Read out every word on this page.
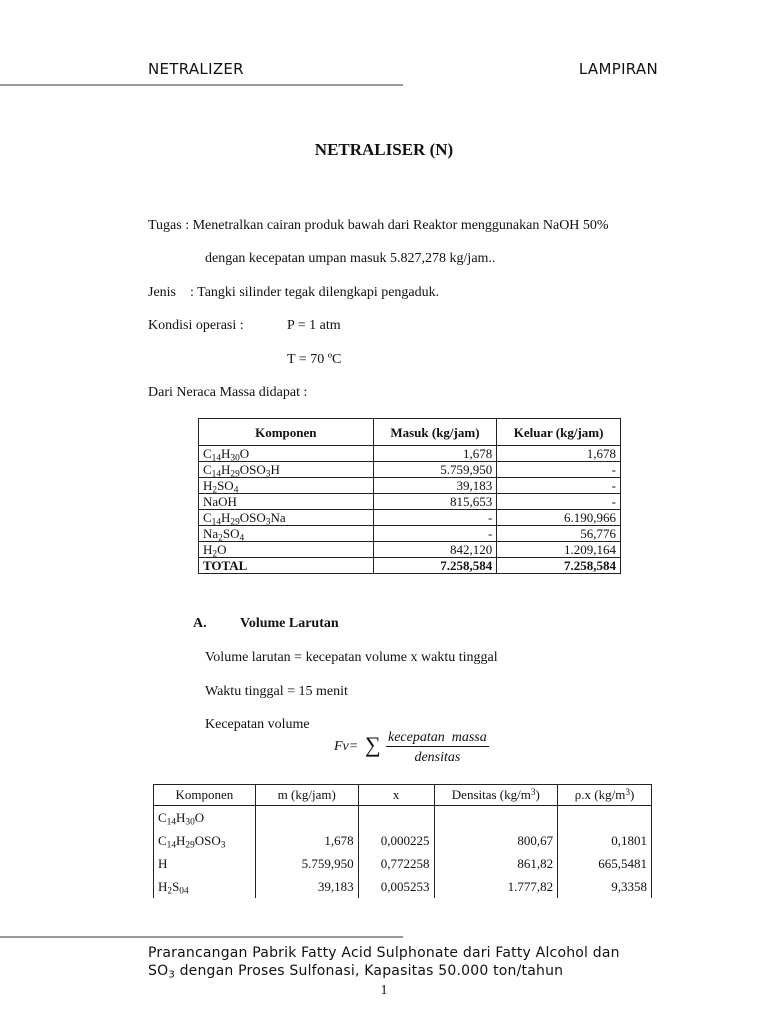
NETRALIZER	LAMPIRAN
NETRALISER (N)
Tugas : Menetralkan cairan produk bawah dari Reaktor menggunakan NaOH 50%
dengan kecepatan umpan masuk 5.827,278 kg/jam..
Jenis    : Tangki silinder tegak dilengkapi pengaduk.
Kondisi operasi :	P = 1 atm
T = 70 ºC
Dari Neraca Massa didapat :
Komponen	Masuk (kg/jam)	Keluar (kg/jam)
$C_{14}H_{30}O$	1,678	1,678
$C_{14}H_{29}OSO_3H$	5.759,950	-
$H_2SO_4$	39,183	-
NaOH	815,653	-
$C_{14}H_{29}OSO_3Na$	-	6.190,966
$Na_2SO_4$	-	56,776
$H_2O$	842,120	1.209,164
TOTAL	7.258,584	7.258,584
A. Volume Larutan
Volume larutan = kecepatan volume x waktu tinggal
Waktu tinggal = 15 menit
Kecepatan volume
Fv= ∑ kecepatan  massa
densitas
Komponen	m (kg/jam)	x	Densitas $(kg/m^3)$	ρ.x $(kg/m^3)$
$C_{14}H_{30}O$				
$C_{14}H_{29}OSO_3$	1,678	0,000225	800,67	0,1801
H	5.759,950	0,772258	861,82	665,5481
$H_2S_{04}$	39,183	0,005253	1.777,82	9,3358
Prarancangan Pabrik Fatty Acid Sulphonate dari Fatty Alcohol dan
$SO_3$ dengan Proses Sulfonasi, Kapasitas 50.000 ton/tahun
1
